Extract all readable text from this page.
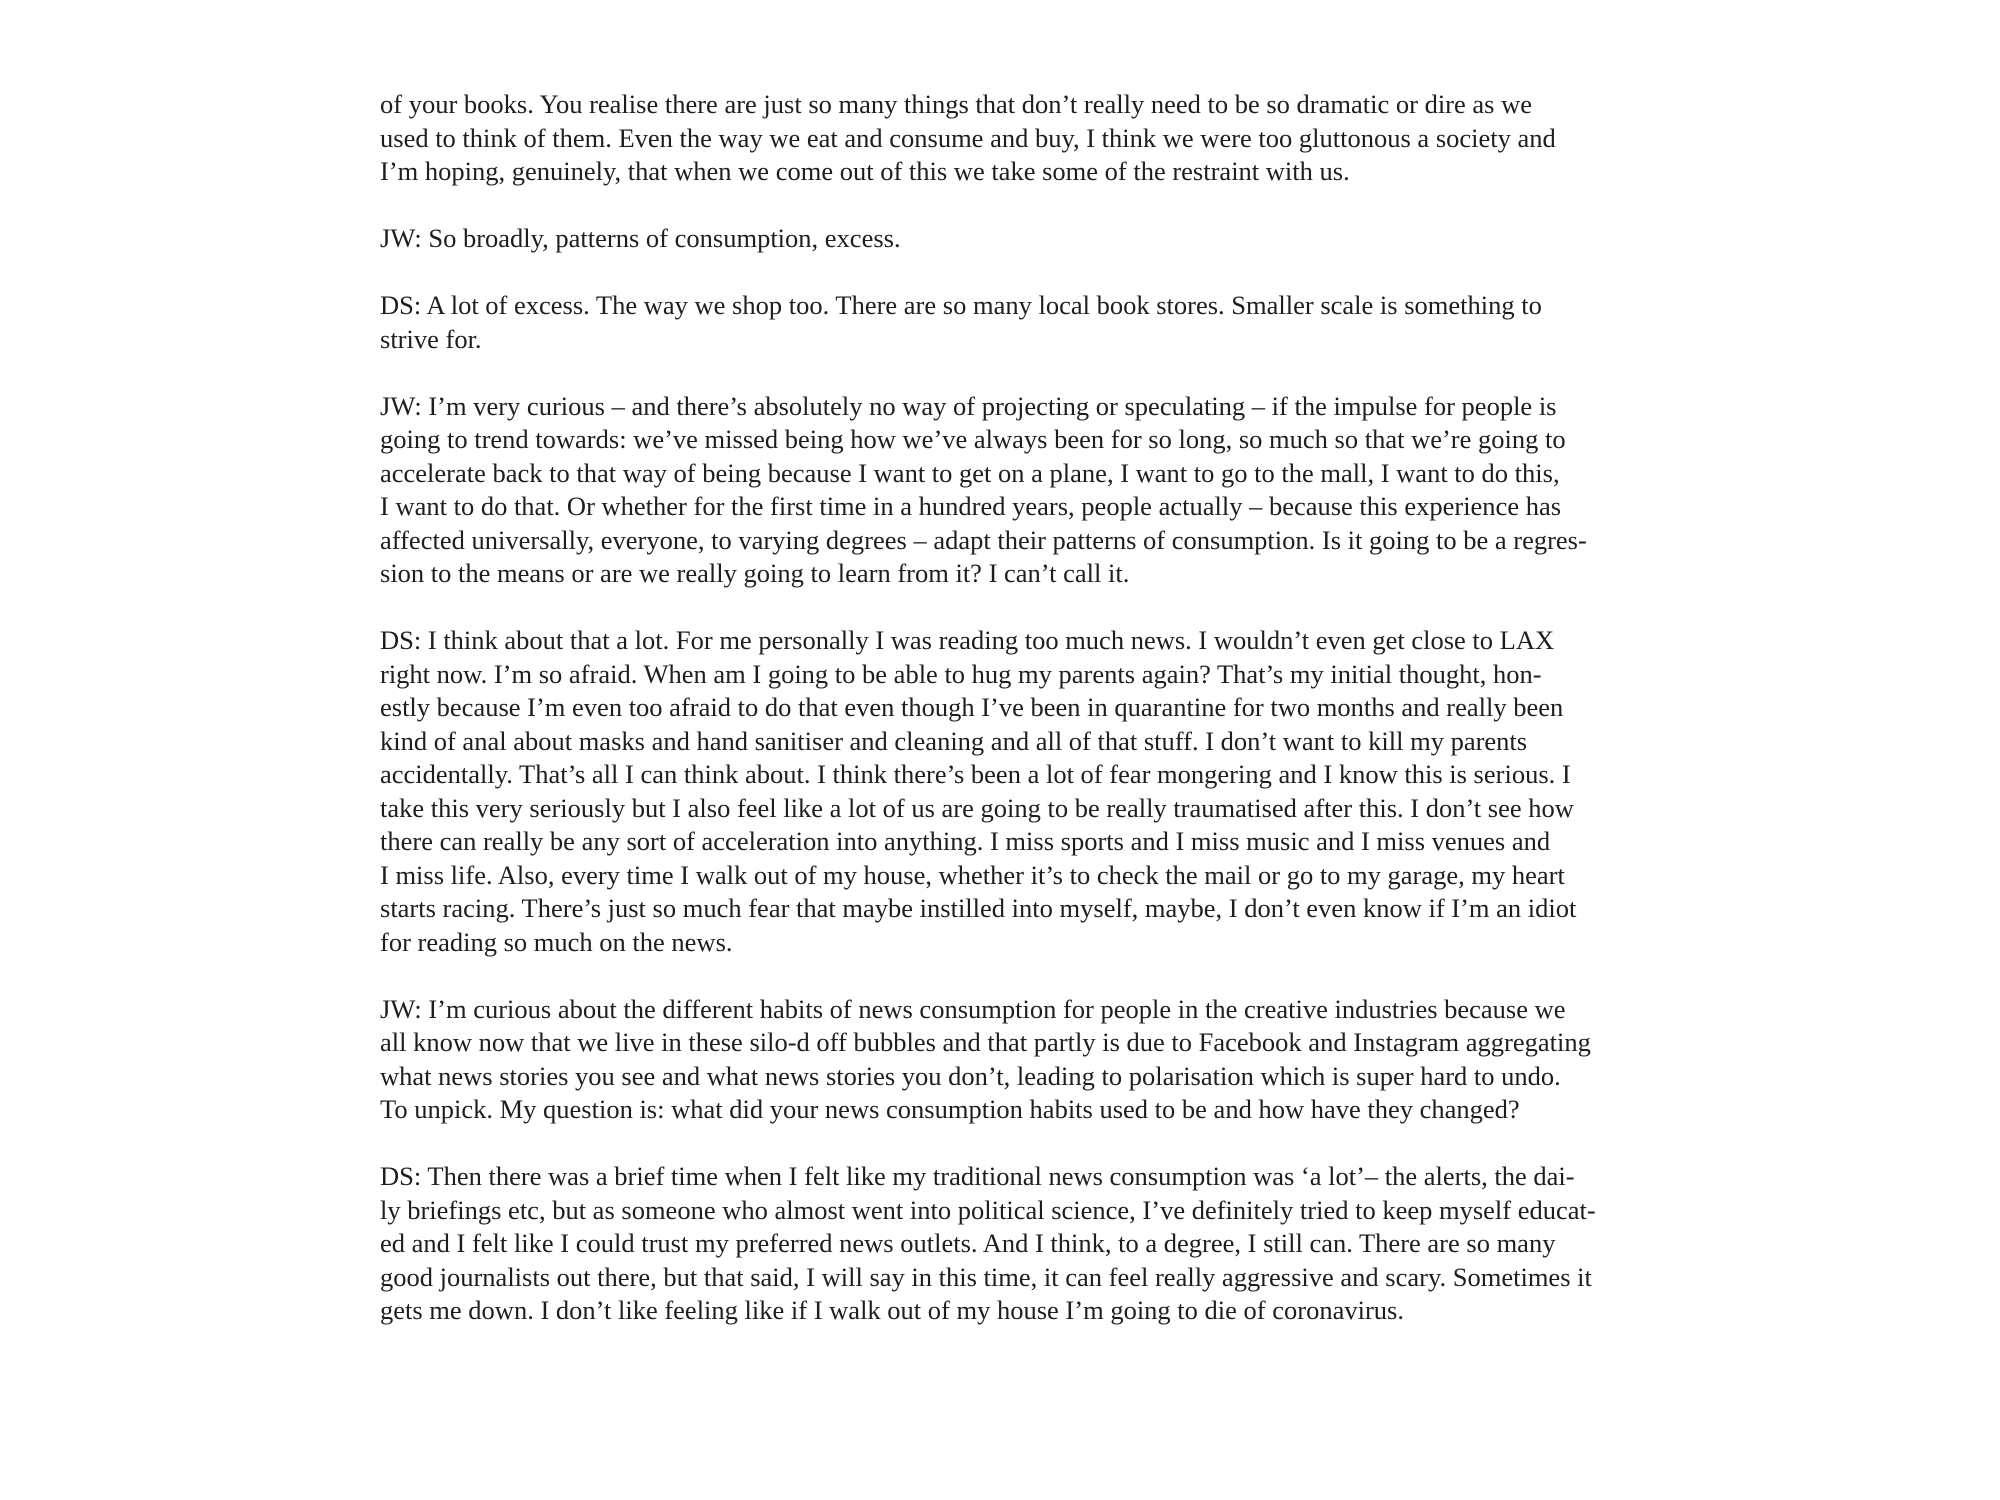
of your books. You realise there are just so many things that don’t really need to be so dramatic or dire as we
used to think of them. Even the way we eat and consume and buy, I think we were too gluttonous a society and
I’m hoping, genuinely, that when we come out of this we take some of the restraint with us.

JW: So broadly, patterns of consumption, excess.

DS: A lot of excess. The way we shop too. There are so many local book stores. Smaller scale is something to
strive for.

JW: I’m very curious – and there’s absolutely no way of projecting or speculating – if the impulse for people is
going to trend towards: we’ve missed being how we’ve always been for so long, so much so that we’re going to
accelerate back to that way of being because I want to get on a plane, I want to go to the mall, I want to do this,
I want to do that. Or whether for the first time in a hundred years, people actually – because this experience has
affected universally, everyone, to varying degrees – adapt their patterns of consumption. Is it going to be a regres-
sion to the means or are we really going to learn from it? I can’t call it.

DS: I think about that a lot. For me personally I was reading too much news. I wouldn’t even get close to LAX
right now. I’m so afraid. When am I going to be able to hug my parents again? That’s my initial thought, hon-
estly because I’m even too afraid to do that even though I’ve been in quarantine for two months and really been
kind of anal about masks and hand sanitiser and cleaning and all of that stuff. I don’t want to kill my parents
accidentally. That’s all I can think about. I think there’s been a lot of fear mongering and I know this is serious. I
take this very seriously but I also feel like a lot of us are going to be really traumatised after this. I don’t see how
there can really be any sort of acceleration into anything. I miss sports and I miss music and I miss venues and
I miss life. Also, every time I walk out of my house, whether it’s to check the mail or go to my garage, my heart
starts racing. There’s just so much fear that maybe instilled into myself, maybe, I don’t even know if I’m an idiot
for reading so much on the news.

JW: I’m curious about the different habits of news consumption for people in the creative industries because we
all know now that we live in these silo-d off bubbles and that partly is due to Facebook and Instagram aggregating
what news stories you see and what news stories you don’t, leading to polarisation which is super hard to undo.
To unpick. My question is: what did your news consumption habits used to be and how have they changed?

DS: Then there was a brief time when I felt like my traditional news consumption was ‘a lot’– the alerts, the dai-
ly briefings etc, but as someone who almost went into political science, I’ve definitely tried to keep myself educat-
ed and I felt like I could trust my preferred news outlets. And I think, to a degree, I still can. There are so many
good journalists out there, but that said, I will say in this time, it can feel really aggressive and scary. Sometimes it
gets me down. I don’t like feeling like if I walk out of my house I’m going to die of coronavirus.
